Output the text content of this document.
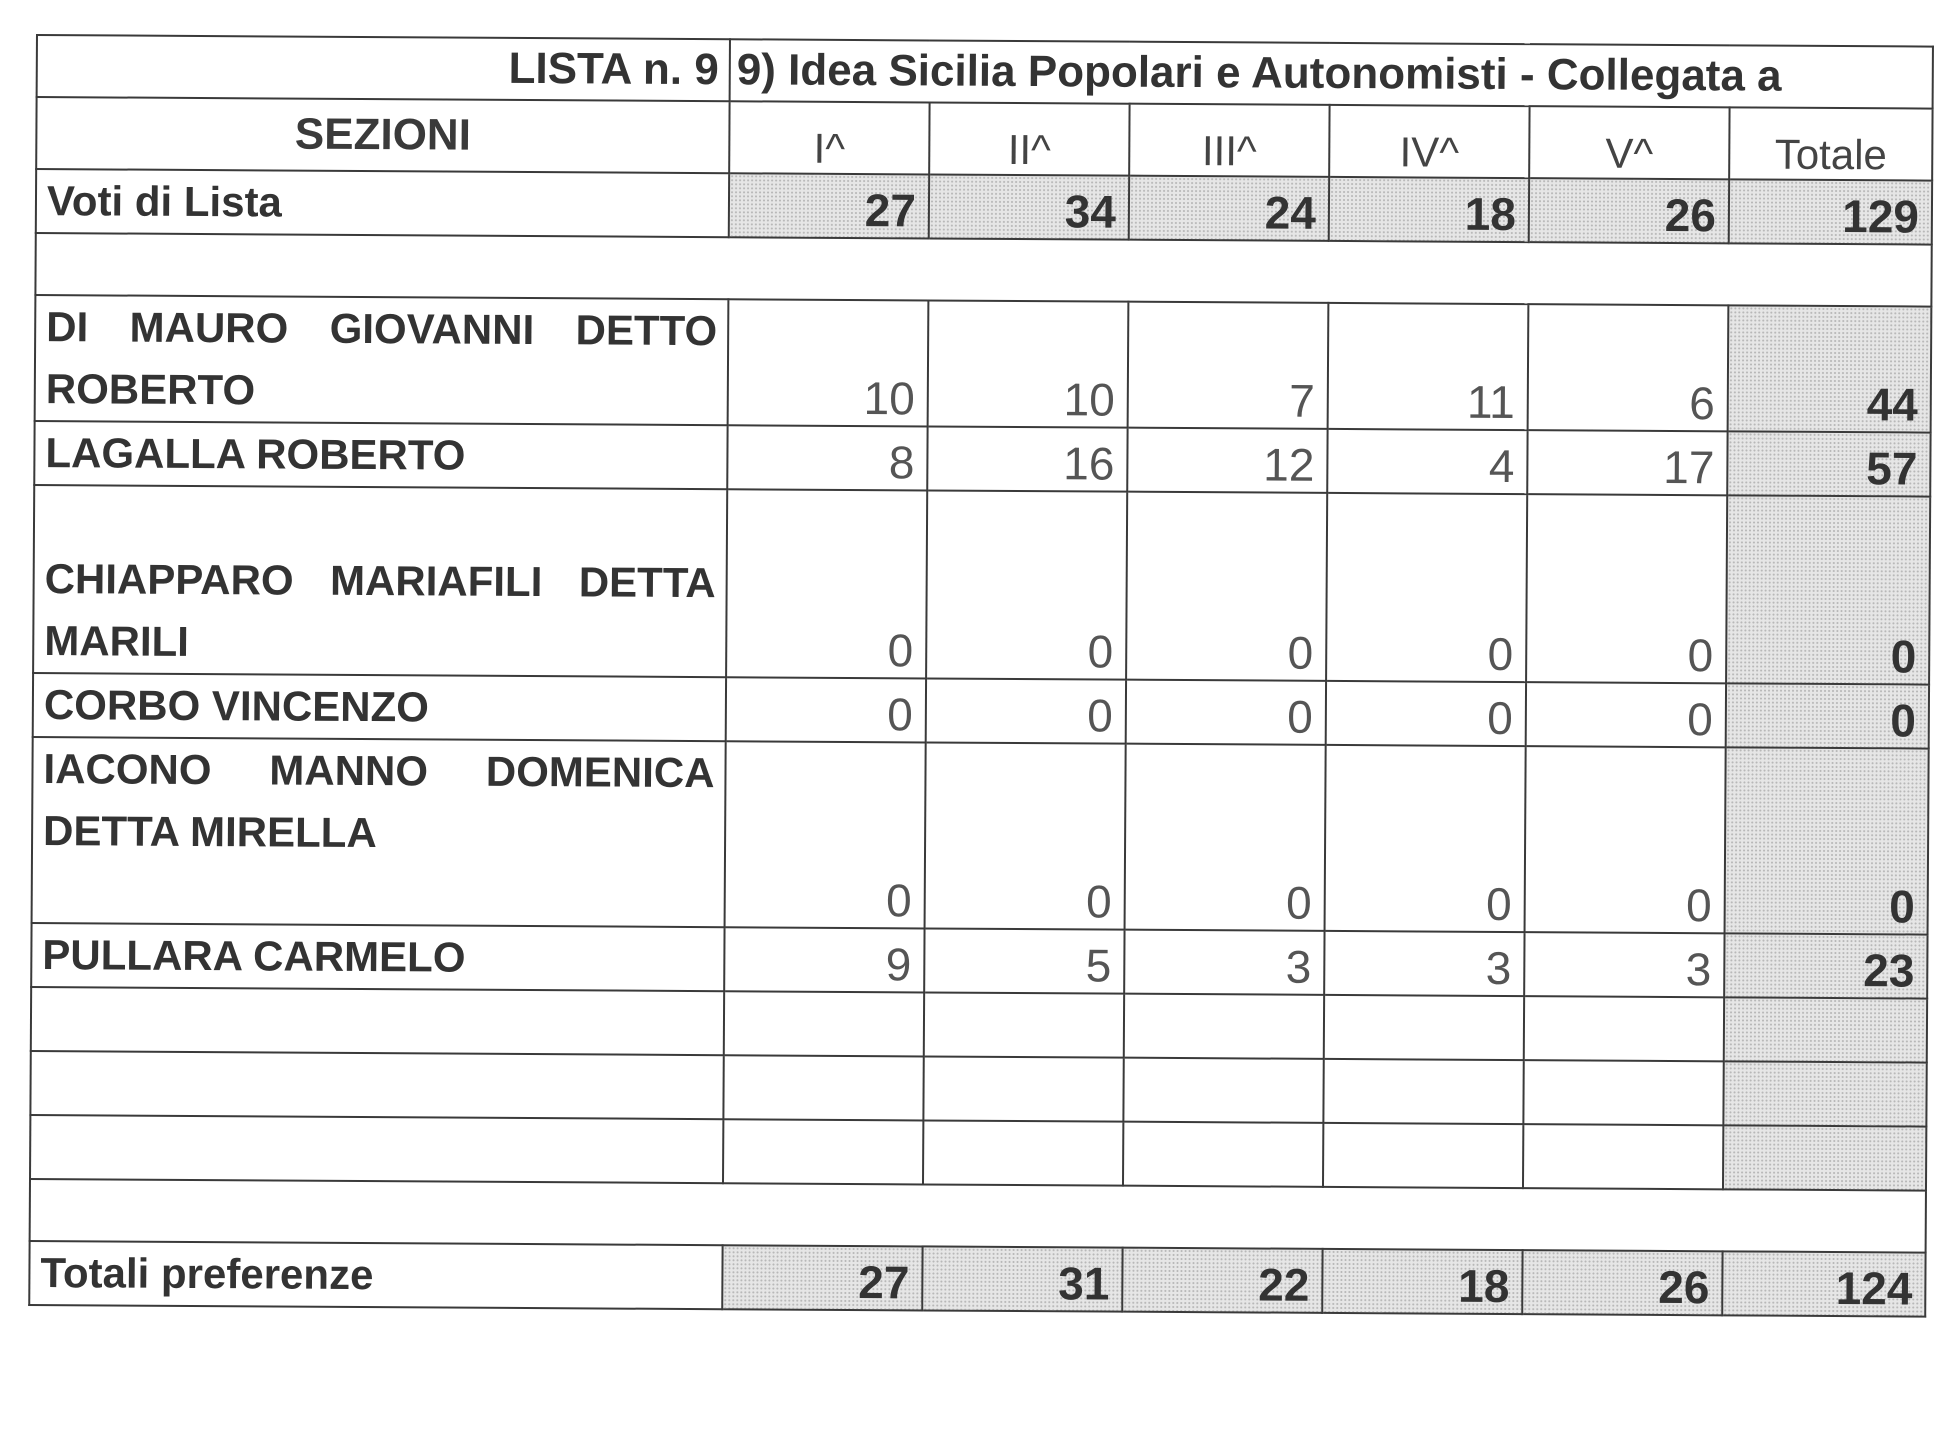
LISTA n. 9	9) Idea Sicilia Popolari e Autonomisti - Collegata a					
SEZIONI	I^	II^	III^	IV^	V^	Totale
Voti di Lista	27	34	24	18	26	129

DI MAURO GIOVANNI DETTO ROBERTO	10	10	7	11	6	44
LAGALLA ROBERTO	8	16	12	4	17	57
CHIAPPARO MARIAFILI DETTA MARILI	0	0	0	0	0	0
CORBO VINCENZO	0	0	0	0	0	0
IACONO MANNO DOMENICA DETTA MIRELLA	0	0	0	0	0	0
PULLARA CARMELO	9	5	3	3	3	23

Totali preferenze	27	31	22	18	26	124
